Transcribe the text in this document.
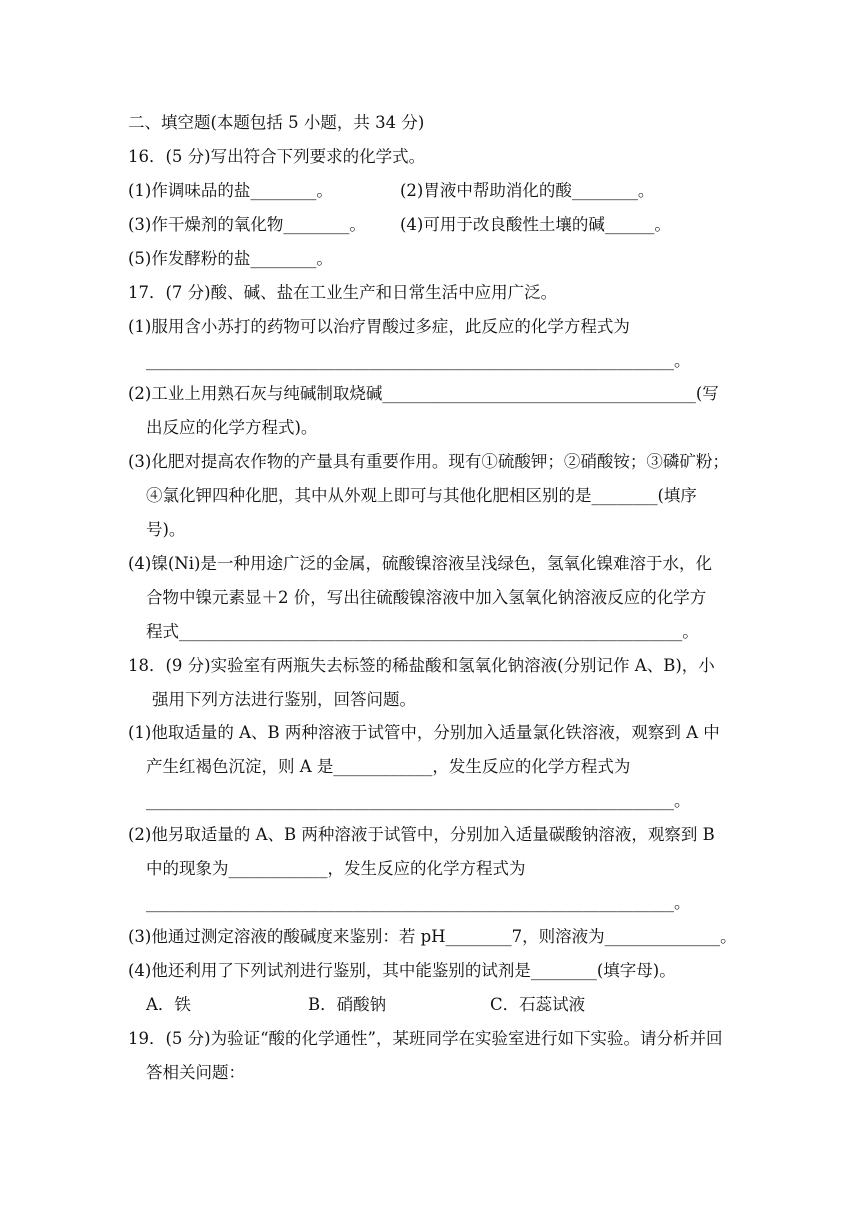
二、填空题(本题包括 5 小题，共 34 分)
16．(5 分)写出符合下列要求的化学式。
(1)作调味品的盐________。	(2)胃液中帮助消化的酸________。
(3)作干燥剂的氧化物________。 (4)可用于改良酸性土壤的碱______。
(5)作发酵粉的盐________。
17．(7 分)酸、碱、盐在工业生产和日常生活中应用广泛。
(1)服用含小苏打的药物可以治疗胃酸过多症，此反应的化学方程式为
________________________________________________________________。
(2)工业上用熟石灰与纯碱制取烧碱______________________________________(写
出反应的化学方程式)。
(3)化肥对提高农作物的产量具有重要作用。现有①硫酸钾；②硝酸铵；③磷矿粉；
④氯化钾四种化肥，其中从外观上即可与其他化肥相区别的是________(填序
号)。
(4)镍(Ni)是一种用途广泛的金属，硫酸镍溶液呈浅绿色，氢氧化镍难溶于水，化
合物中镍元素显＋2 价，写出往硫酸镍溶液中加入氢氧化钠溶液反应的化学方
程式_____________________________________________________________。
18．(9 分)实验室有两瓶失去标签的稀盐酸和氢氧化钠溶液(分别记作 A、B)，小
强用下列方法进行鉴别，回答问题。
(1)他取适量的 A、B 两种溶液于试管中，分别加入适量氯化铁溶液，观察到 A 中
产生红褐色沉淀，则 A 是____________，发生反应的化学方程式为
________________________________________________________________。
(2)他另取适量的 A、B 两种溶液于试管中，分别加入适量碳酸钠溶液，观察到 B
中的现象为____________，发生反应的化学方程式为
________________________________________________________________。
(3)他通过测定溶液的酸碱度来鉴别：若 pH________7，则溶液为______________。
(4)他还利用了下列试剂进行鉴别，其中能鉴别的试剂是________(填字母)。
A．铁	B．硝酸钠	C．石蕊试液
19．(5 分)为验证“酸的化学通性”，某班同学在实验室进行如下实验。请分析并回
答相关问题：
